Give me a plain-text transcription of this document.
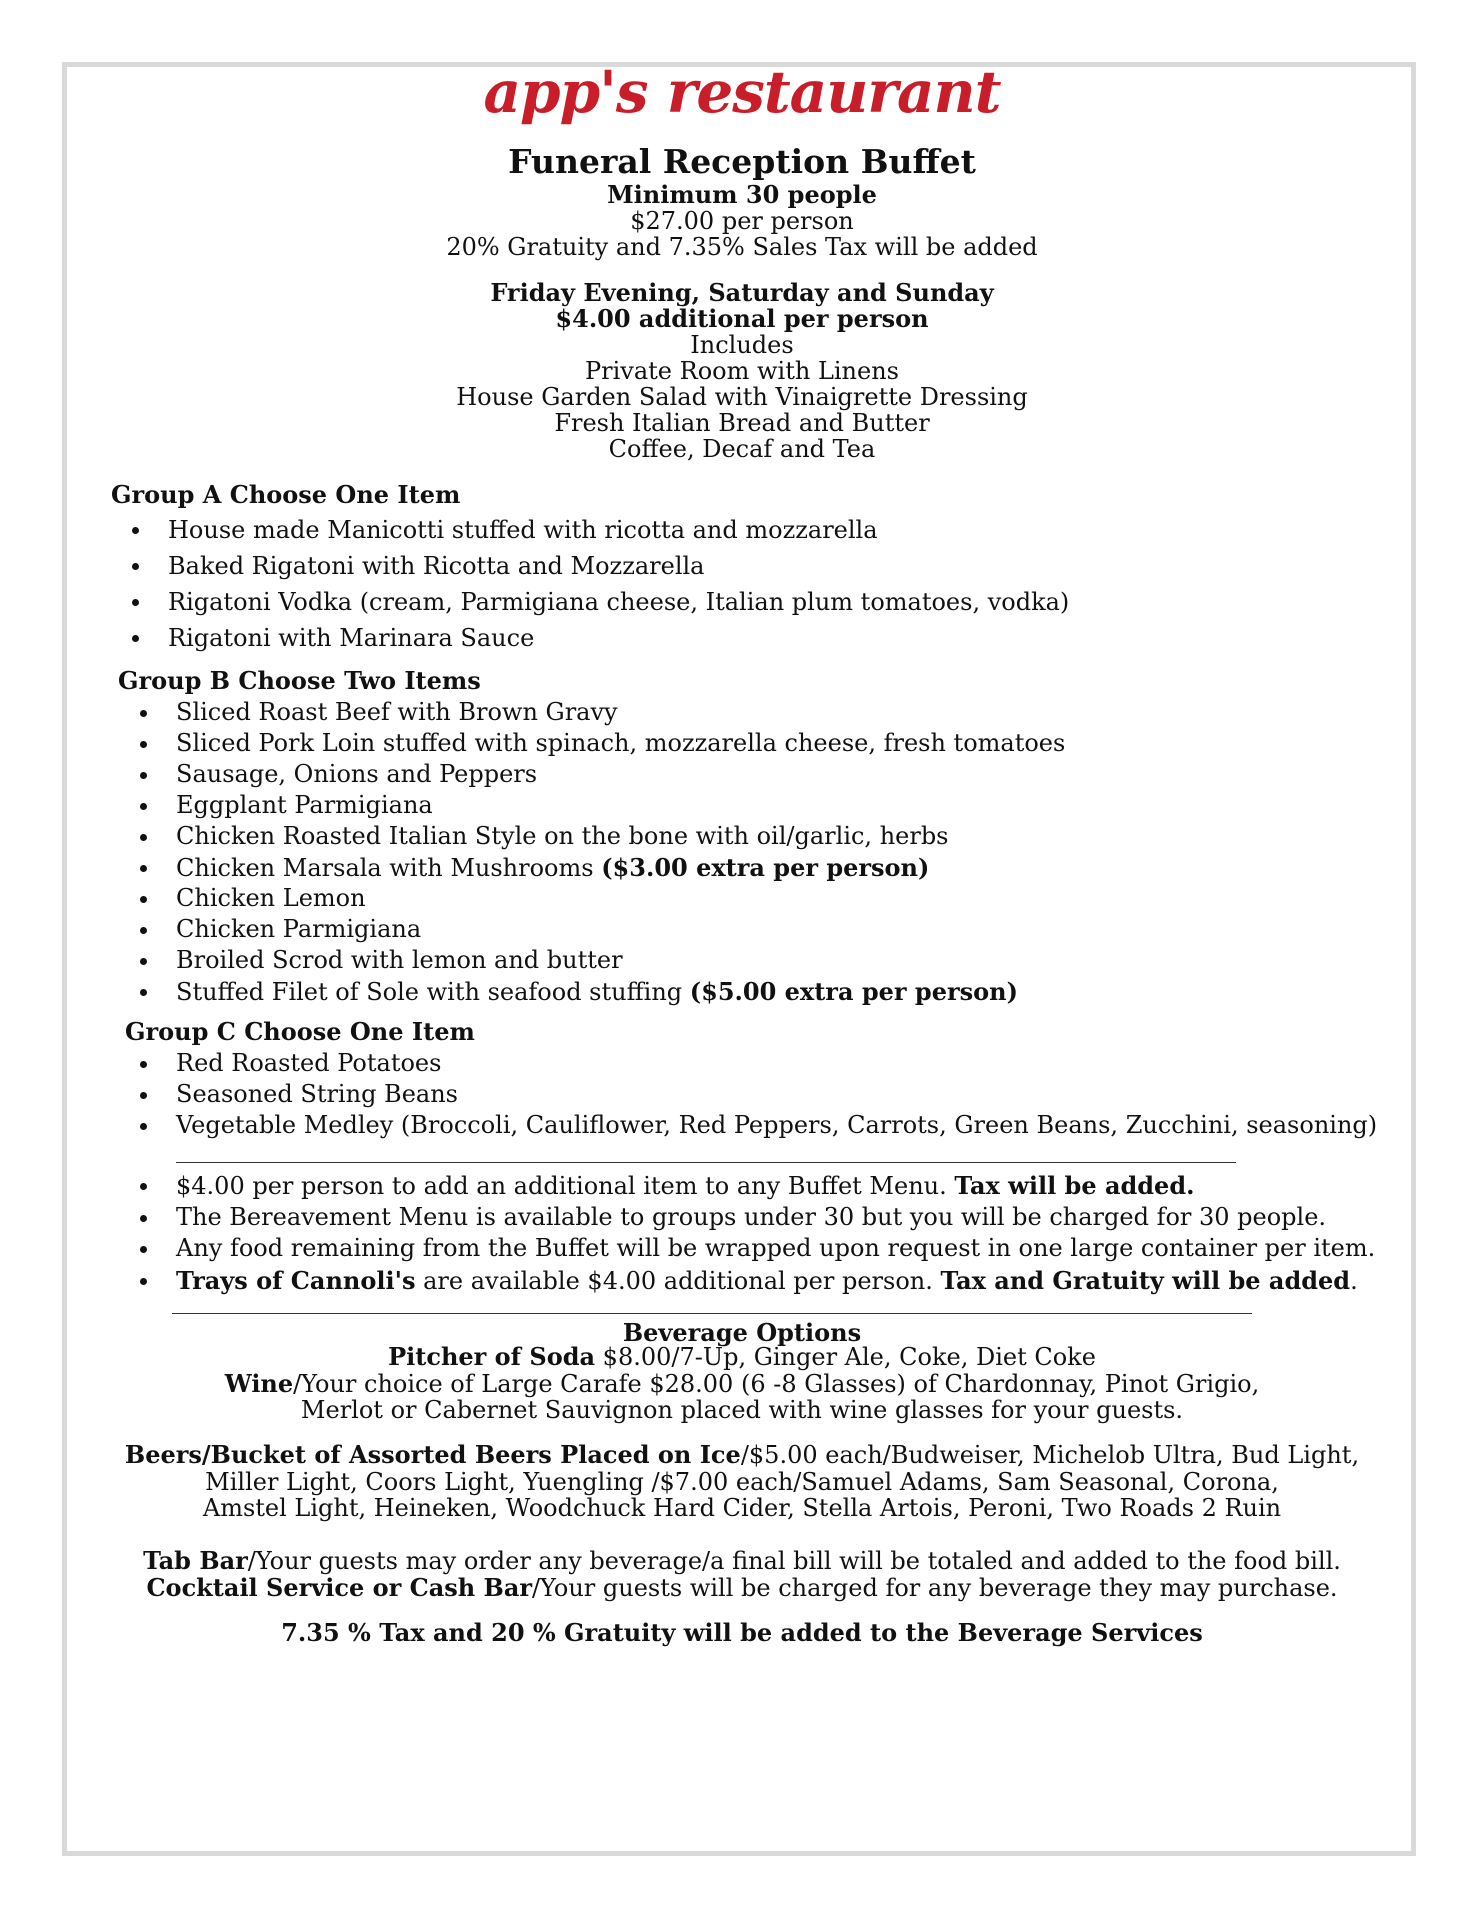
app's restaurant
Funeral Reception Buffet
Minimum 30 people
$27.00 per person
20% Gratuity and 7.35% Sales Tax will be added
Friday Evening, Saturday and Sunday
$4.00 additional per person
Includes
Private Room with Linens
House Garden Salad with Vinaigrette Dressing
Fresh Italian Bread and Butter
Coffee, Decaf and Tea
Group A Choose One Item
House made Manicotti stuffed with ricotta and mozzarella
Baked Rigatoni with Ricotta and Mozzarella
Rigatoni Vodka (cream, Parmigiana cheese, Italian plum tomatoes, vodka)
Rigatoni with Marinara Sauce
Group B Choose Two Items
Sliced Roast Beef with Brown Gravy
Sliced Pork Loin stuffed with spinach, mozzarella cheese, fresh tomatoes
Sausage, Onions and Peppers
Eggplant Parmigiana
Chicken Roasted Italian Style on the bone with oil/garlic, herbs
Chicken Marsala with Mushrooms ($3.00 extra per person)
Chicken Lemon
Chicken Parmigiana
Broiled Scrod with lemon and butter
Stuffed Filet of Sole with seafood stuffing ($5.00 extra per person)
Group C Choose One Item
Red Roasted Potatoes
Seasoned String Beans
Vegetable Medley (Broccoli, Cauliflower, Red Peppers, Carrots, Green Beans, Zucchini, seasoning)
$4.00 per person to add an additional item to any Buffet Menu. Tax will be added.
The Bereavement Menu is available to groups under 30 but you will be charged for 30 people.
Any food remaining from the Buffet will be wrapped upon request in one large container per item.
Trays of Cannoli's are available $4.00 additional per person. Tax and Gratuity will be added.
Beverage Options
Pitcher of Soda $8.00/7-Up, Ginger Ale, Coke, Diet Coke
Wine/Your choice of Large Carafe $28.00 (6 -8 Glasses) of Chardonnay, Pinot Grigio,
Merlot or Cabernet Sauvignon placed with wine glasses for your guests.
Beers/Bucket of Assorted Beers Placed on Ice/$5.00 each/Budweiser, Michelob Ultra, Bud Light,
Miller Light, Coors Light, Yuengling /$7.00 each/Samuel Adams, Sam Seasonal, Corona,
Amstel Light, Heineken, Woodchuck Hard Cider, Stella Artois, Peroni, Two Roads 2 Ruin
Tab Bar/Your guests may order any beverage/a final bill will be totaled and added to the food bill.
Cocktail Service or Cash Bar/Your guests will be charged for any beverage they may purchase.
7.35 % Tax and 20 % Gratuity will be added to the Beverage Services
